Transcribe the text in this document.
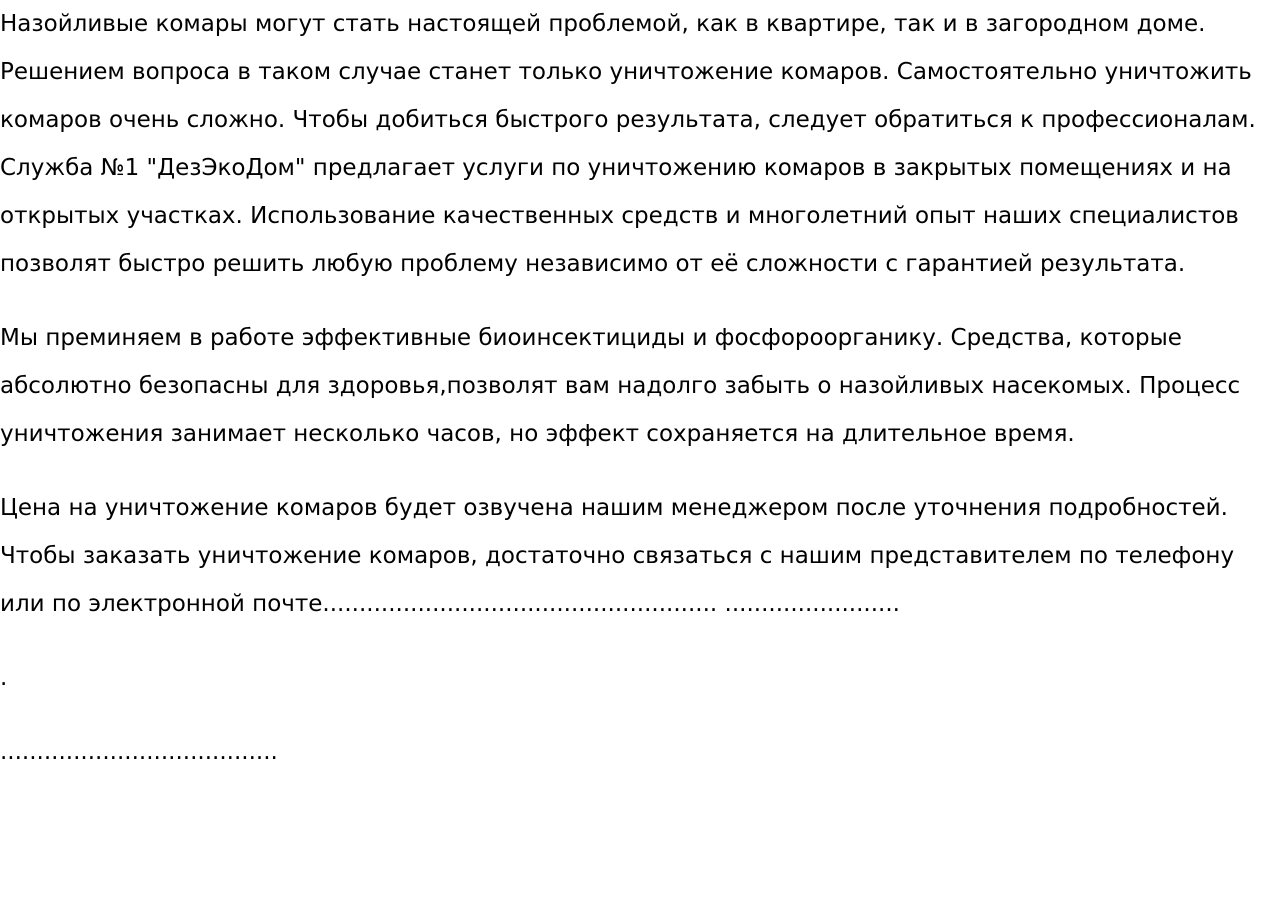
Назойливые комары могут стать настоящей проблемой, как в квартире, так и в загородном доме. Решением вопроса в таком случае станет только уничтожение комаров. Самостоятельно уничтожить комаров очень сложно. Чтобы добиться быстрого результата, следует обратиться к профессионалам. Служба №1 "ДезЭкоДом" предлагает услуги по уничтожению комаров в закрытых помещениях и на открытых участках. Использование качественных средств и многолетний опыт наших специалистов позволят быстро решить любую проблему независимо от её сложности с гарантией результата.

Мы преминяем в работе эффективные биоинсектициды и фосфороорганику. Средства, которые абсолютно безопасны для здоровья,позволят вам надолго забыть о назойливых насекомых. Процесс уничтожения занимает несколько часов, но эффект сохраняется на длительное время.

Цена на уничтожение комаров будет озвучена нашим менеджером после уточнения подробностей. Чтобы заказать уничтожение комаров, достаточно связаться с нашим представителем по телефону или по электронной почте...................................................... ........................

.

......................................
